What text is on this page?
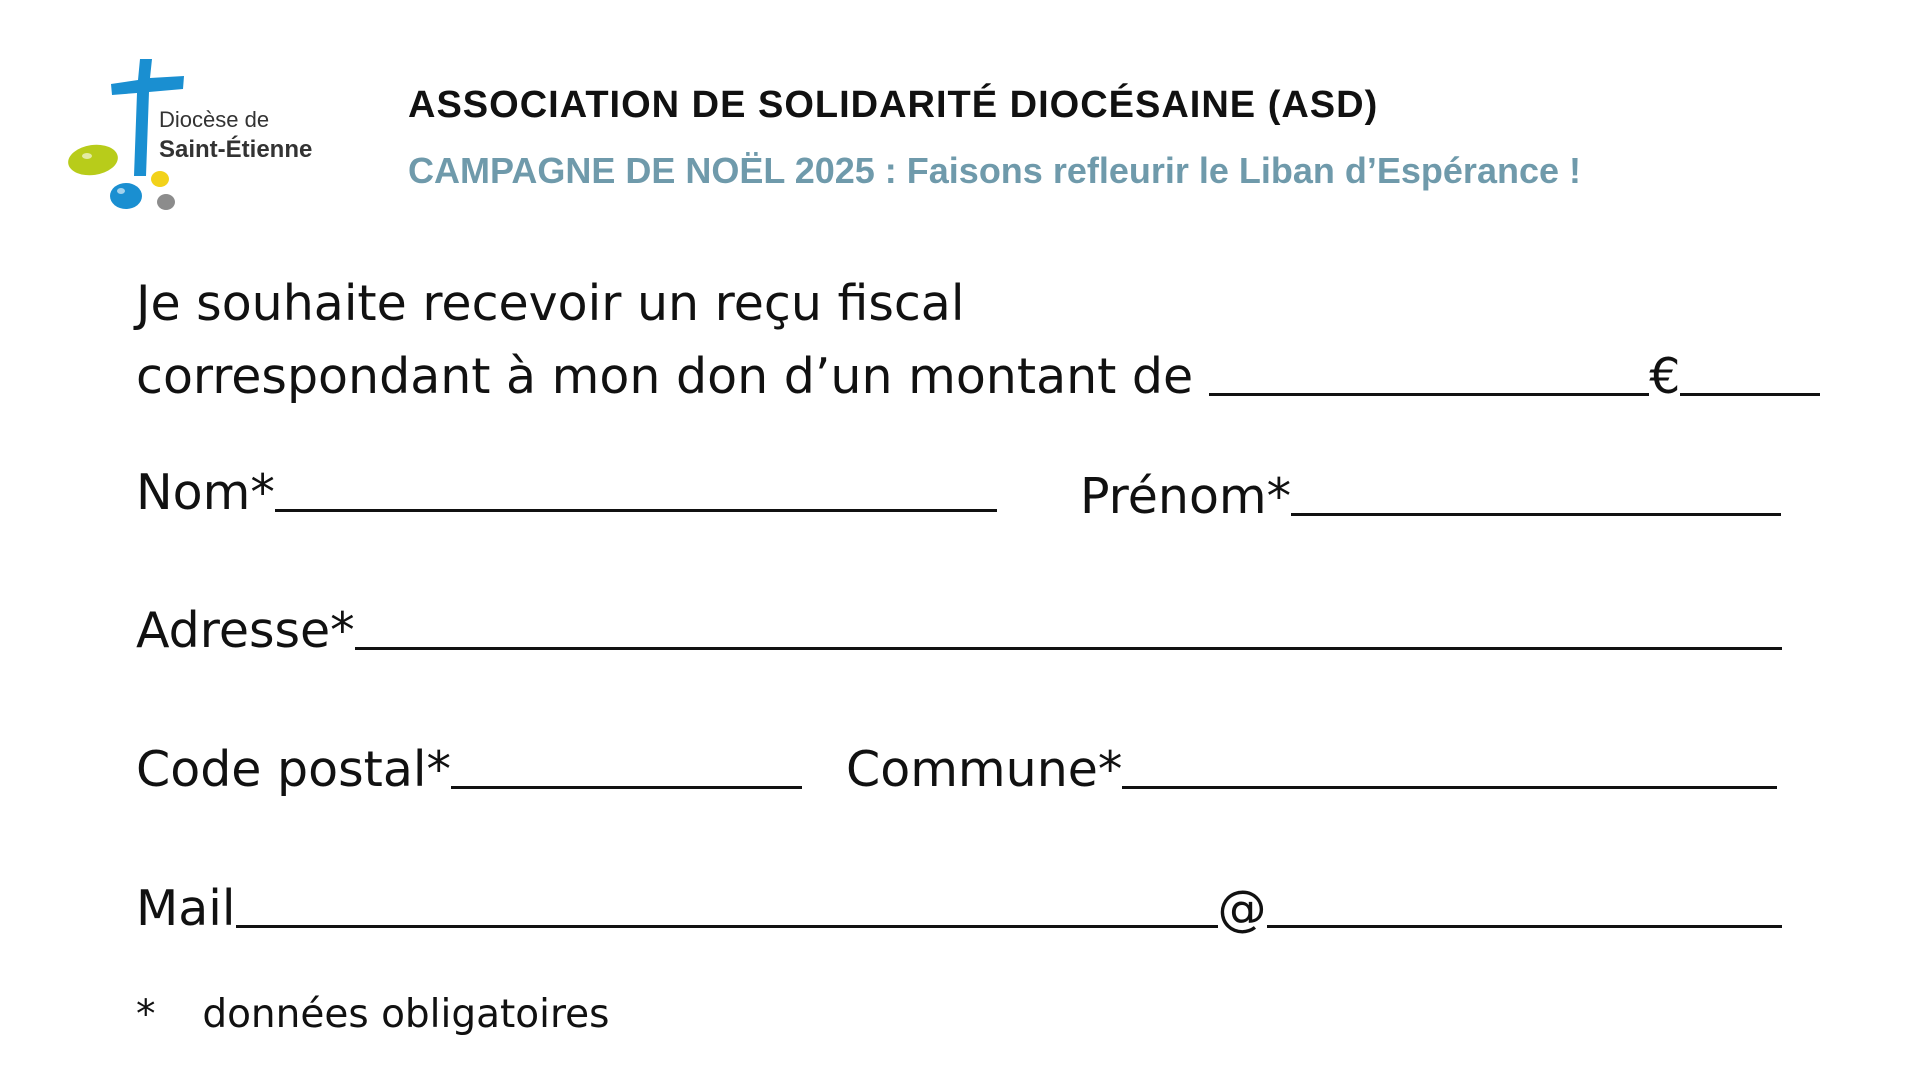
Diocèse de
Saint-Étienne
ASSOCIATION DE SOLIDARITÉ DIOCÉSAINE (ASD)
CAMPAGNE DE NOËL 2025 : Faisons refleurir le Liban d’Espérance !
Je souhaite recevoir un reçu fiscal
correspondant à mon don d’un montant de	€
Nom*	Prénom*
Adresse*
Code postal*	Commune*
Mail	@
* données obligatoires
